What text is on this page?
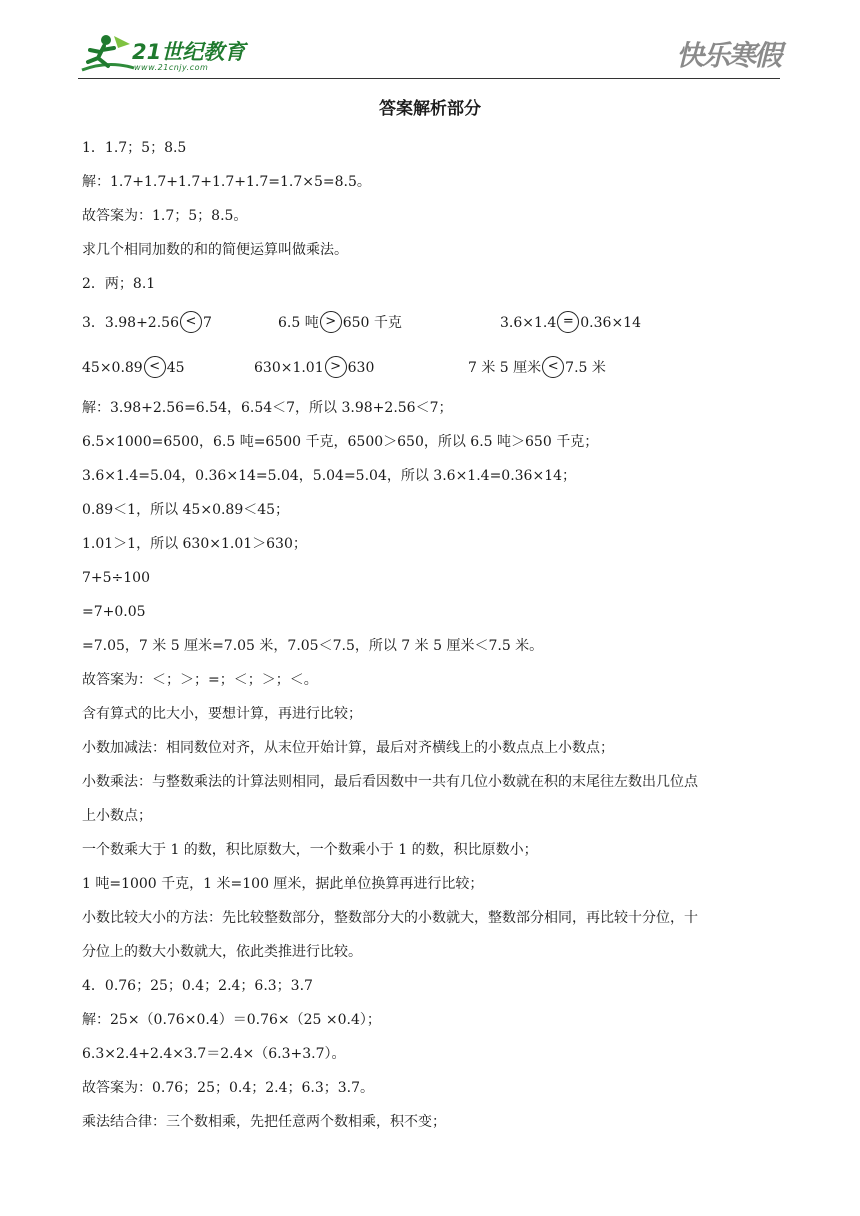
21世纪教育
www.21cnjy.com	快乐寒假
答案解析部分
1．1.7；5；8.5
解：1.7+1.7+1.7+1.7+1.7=1.7×5=8.5。
故答案为：1.7；5；8.5。
求几个相同加数的和的简便运算叫做乘法。
2．两；8.1
3．3.98+2.56 < 7	6.5 吨 > 650 千克	3.6×1.4 = 0.36×14
45×0.89 < 45	630×1.01 > 630	7 米 5 厘米 < 7.5 米
解：3.98+2.56=6.54，6.54＜7，所以 3.98+2.56＜7；
6.5×1000=6500，6.5 吨=6500 千克，6500＞650，所以 6.5 吨＞650 千克；
3.6×1.4=5.04，0.36×14=5.04，5.04=5.04，所以 3.6×1.4=0.36×14；
0.89＜1，所以 45×0.89＜45；
1.01＞1，所以 630×1.01＞630；
7+5÷100
=7+0.05
=7.05，7 米 5 厘米=7.05 米，7.05＜7.5，所以 7 米 5 厘米＜7.5 米。
故答案为：＜；＞；=；＜；＞；＜。
含有算式的比大小，要想计算，再进行比较；
小数加减法：相同数位对齐，从末位开始计算，最后对齐横线上的小数点点上小数点；
小数乘法：与整数乘法的计算法则相同，最后看因数中一共有几位小数就在积的末尾往左数出几位点
上小数点；
一个数乘大于 1 的数，积比原数大，一个数乘小于 1 的数，积比原数小；
1 吨=1000 千克，1 米=100 厘米，据此单位换算再进行比较；
小数比较大小的方法：先比较整数部分，整数部分大的小数就大，整数部分相同，再比较十分位，十
分位上的数大小数就大，依此类推进行比较。
4．0.76；25；0.4；2.4；6.3；3.7
解：25×（0.76×0.4）＝0.76×（25 ×0.4）；
6.3×2.4+2.4×3.7＝2.4×（6.3+3.7）。
故答案为：0.76；25；0.4；2.4；6.3；3.7。
乘法结合律：三个数相乘，先把任意两个数相乘，积不变；
